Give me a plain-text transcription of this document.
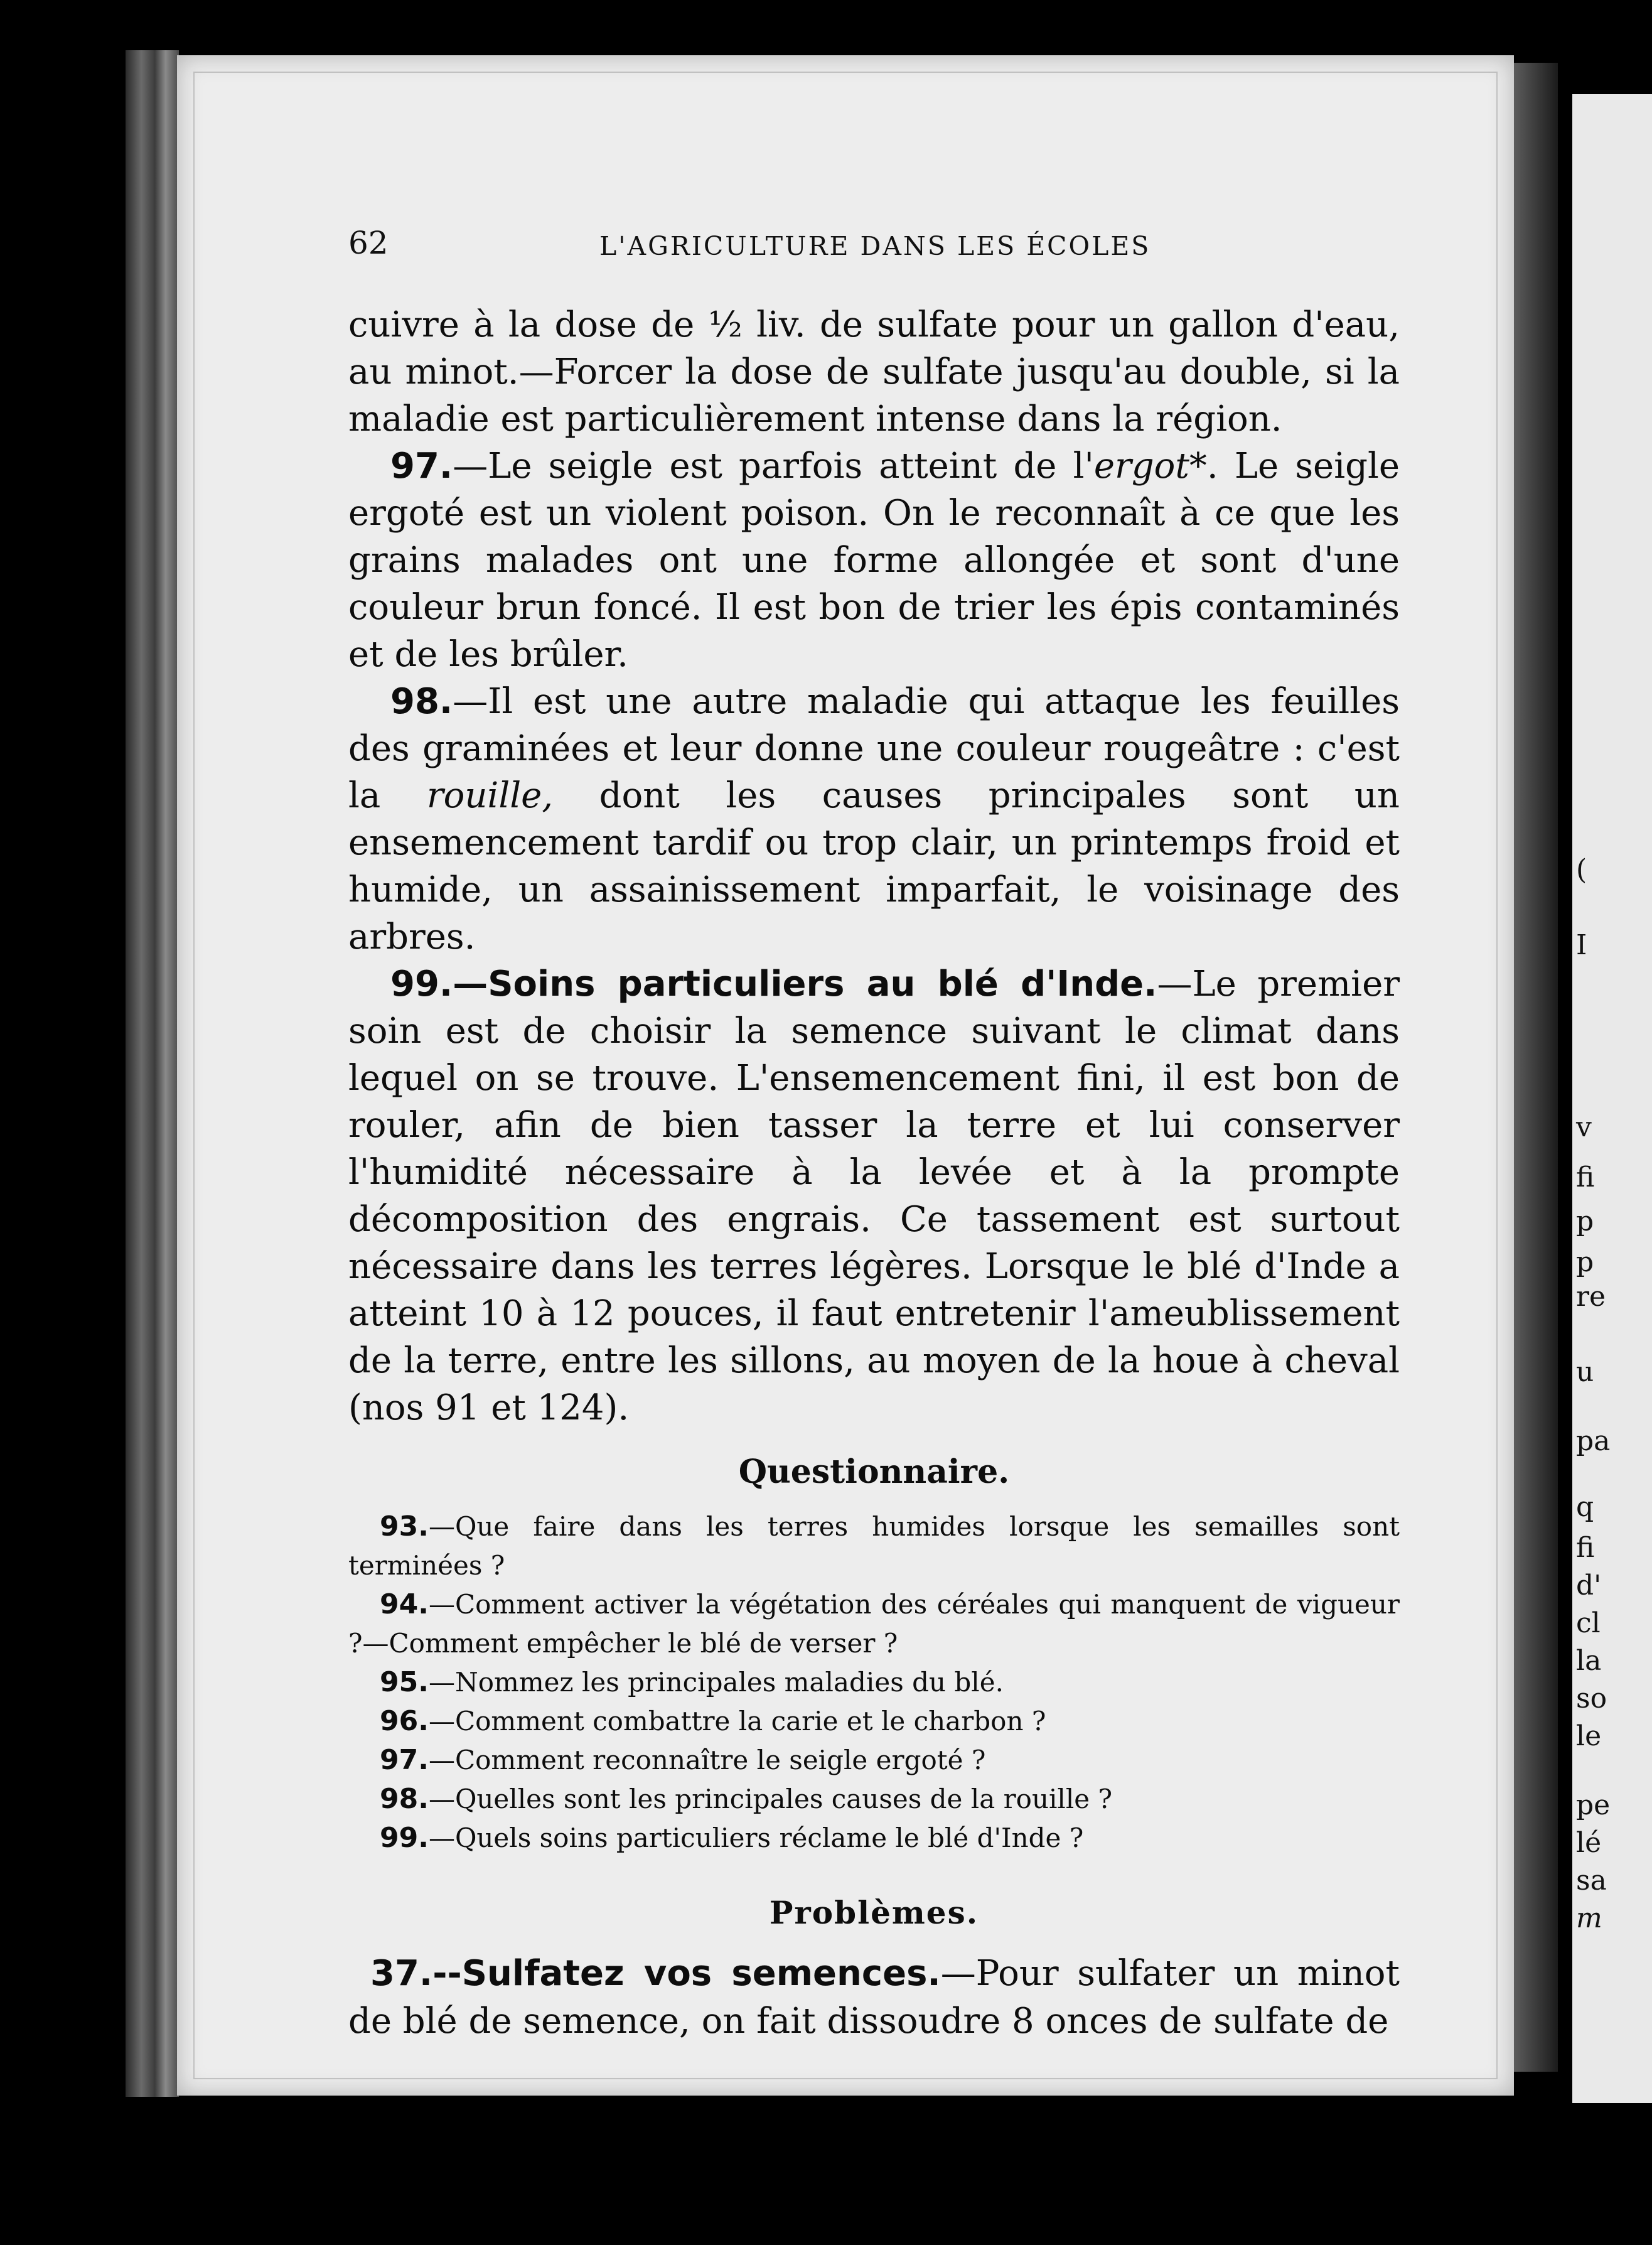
(
I
v
fi
p
p
re
u
pa
q
fi
d'
cl
la
so
le
pe
lé
sa
m
62	L'AGRICULTURE DANS LES ÉCOLES

cuivre à la dose de ½ liv. de sulfate pour un gallon d'eau, au minot.—Forcer la dose de sulfate jusqu'au double, si la maladie est particulièrement intense dans la région.

97.—Le seigle est parfois atteint de l'ergot*. Le seigle ergoté est un violent poison. On le reconnaît à ce que les grains malades ont une forme allongée et sont d'une couleur brun foncé. Il est bon de trier les épis contaminés et de les brûler.

98.—Il est une autre maladie qui attaque les feuilles des graminées et leur donne une couleur rougeâtre : c'est la rouille, dont les causes principales sont un ensemencement tardif ou trop clair, un printemps froid et humide, un assainissement imparfait, le voisinage des arbres.

99.—Soins particuliers au blé d'Inde.—Le premier soin est de choisir la semence suivant le climat dans lequel on se trouve. L'ensemencement fini, il est bon de rouler, afin de bien tasser la terre et lui conserver l'humidité nécessaire à la levée et à la prompte décomposition des engrais. Ce tassement est surtout nécessaire dans les terres légères. Lorsque le blé d'Inde a atteint 10 à 12 pouces, il faut entretenir l'ameublissement de la terre, entre les sillons, au moyen de la houe à cheval (nos 91 et 124).

Questionnaire.

93.—Que faire dans les terres humides lorsque les semailles sont terminées ?

94.—Comment activer la végétation des céréales qui manquent de vigueur ?—Comment empêcher le blé de verser ?

95.—Nommez les principales maladies du blé.

96.—Comment combattre la carie et le charbon ?

97.—Comment reconnaître le seigle ergoté ?

98.—Quelles sont les principales causes de la rouille ?

99.—Quels soins particuliers réclame le blé d'Inde ?

Problèmes.

37.--Sulfatez vos semences.—Pour sulfater un minot de blé de semence, on fait dissoudre 8 onces de sulfate de
